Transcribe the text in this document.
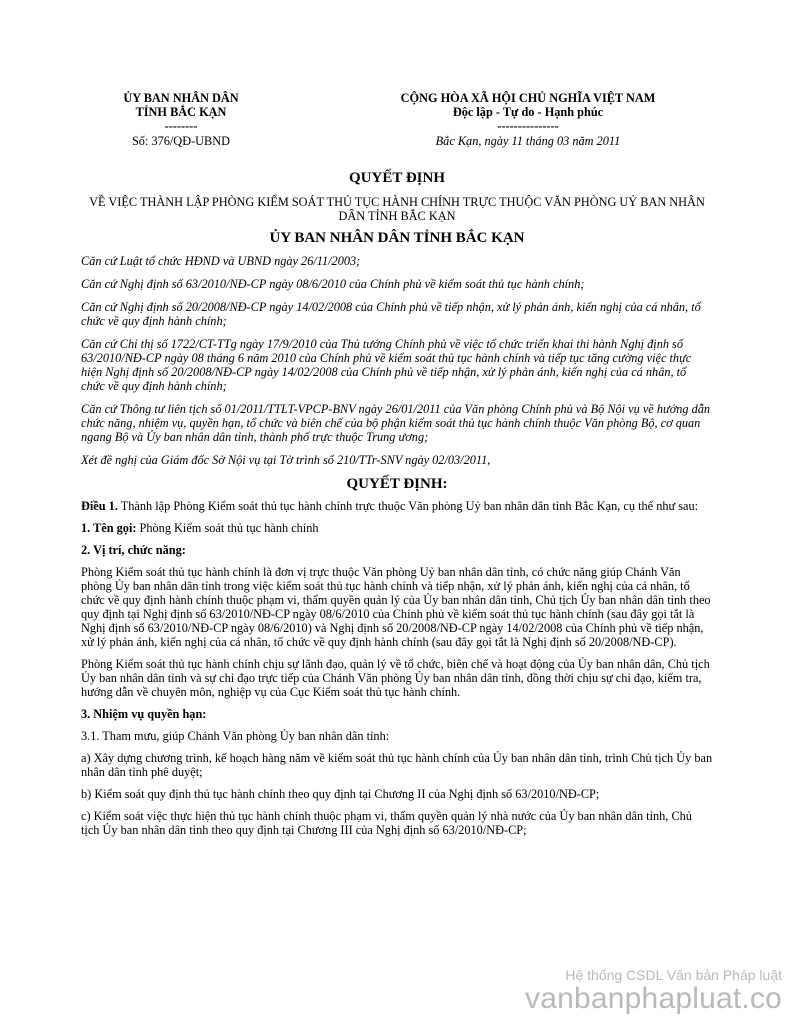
ỦY BAN NHÂN DÂN
TỈNH BẮC KẠN
--------
CỘNG HÒA XÃ HỘI CHỦ NGHĨA VIỆT NAM
Độc lập - Tự do - Hạnh phúc
---------------
Số: 376/QĐ-UBND	Bắc Kạn, ngày 11 tháng 03 năm 2011
QUYẾT ĐỊNH
VỀ VIỆC THÀNH LẬP PHÒNG KIỂM SOÁT THỦ TỤC HÀNH CHÍNH TRỰC THUỘC VĂN PHÒNG UỶ BAN NHÂN DÂN TỈNH BẮC KẠN
ỦY BAN NHÂN DÂN TỈNH BẮC KẠN
Căn cứ Luật tổ chức HĐND và UBND ngày 26/11/2003;
Căn cứ Nghị định số 63/2010/NĐ-CP ngày 08/6/2010 của Chính phủ về kiểm soát thủ tục hành chính;
Căn cứ Nghị định số 20/2008/NĐ-CP ngày 14/02/2008 của Chính phủ về tiếp nhận, xử lý phản ánh, kiến nghị của cá nhân, tổ chức về quy định hành chính;
Căn cứ Chỉ thị số 1722/CT-TTg ngày 17/9/2010 của Thủ tướng Chính phủ về việc tổ chức triển khai thi hành Nghị định số 63/2010/NĐ-CP ngày 08 tháng 6 năm 2010 của Chính phủ về kiểm soát thủ tục hành chính và tiếp tục tăng cường việc thực hiện Nghị định số 20/2008/NĐ-CP ngày 14/02/2008 của Chính phủ về tiếp nhận, xử lý phản ánh, kiến nghị của cá nhân, tổ chức về quy định hành chính;
Căn cứ Thông tư liên tịch số 01/2011/TTLT-VPCP-BNV ngày 26/01/2011 của Văn phòng Chính phủ và Bộ Nội vụ về hướng dẫn chức năng, nhiệm vụ, quyền hạn, tổ chức và biên chế của bộ phận kiểm soát thủ tục hành chính thuộc Văn phòng Bộ, cơ quan ngang Bộ và Ủy ban nhân dân tỉnh, thành phố trực thuộc Trung ương;
Xét đề nghị của Giám đốc Sở Nội vụ tại Tờ trình số 210/TTr-SNV ngày 02/03/2011,
QUYẾT ĐỊNH:
Điều 1. Thành lập Phòng Kiểm soát thủ tục hành chính trực thuộc Văn phòng Uỷ ban nhân dân tỉnh Bắc Kạn, cụ thể như sau:
1. Tên gọi: Phòng Kiểm soát thủ tục hành chính
2. Vị trí, chức năng:
Phòng Kiểm soát thủ tục hành chính là đơn vị trực thuộc Văn phòng Uỷ ban nhân dân tỉnh, có chức năng giúp Chánh Văn phòng Ủy ban nhân dân tỉnh trong việc kiểm soát thủ tục hành chính và tiếp nhận, xử lý phản ánh, kiến nghị của cá nhân, tổ chức về quy định hành chính thuộc phạm vi, thẩm quyền quản lý của Ủy ban nhân dân tỉnh, Chủ tịch Ủy ban nhân dân tỉnh theo quy định tại Nghị định số 63/2010/NĐ-CP ngày 08/6/2010 của Chính phủ về kiểm soát thủ tục hành chính (sau đây gọi tắt là Nghị định số 63/2010/NĐ-CP ngày 08/6/2010) và Nghị định số 20/2008/NĐ-CP ngày 14/02/2008 của Chính phủ về tiếp nhận, xử lý phản ánh, kiến nghị của cá nhân, tổ chức về quy định hành chính (sau đây gọi tắt là Nghị định số 20/2008/NĐ-CP).
Phòng Kiểm soát thủ tục hành chính chịu sự lãnh đạo, quản lý về tổ chức, biên chế và hoạt động của Ủy ban nhân dân, Chủ tịch Ủy ban nhân dân tỉnh và sự chỉ đạo trực tiếp của Chánh Văn phòng Ủy ban nhân dân tỉnh, đồng thời chịu sự chỉ đạo, kiểm tra, hướng dẫn về chuyên môn, nghiệp vụ của Cục Kiểm soát thủ tục hành chính.
3. Nhiệm vụ quyền hạn:
3.1. Tham mưu, giúp Chánh Văn phòng Ủy ban nhân dân tỉnh:
a) Xây dựng chương trình, kế hoạch hàng năm về kiểm soát thủ tục hành chính của Ủy ban nhân dân tỉnh, trình Chủ tịch Ủy ban nhân dân tỉnh phê duyệt;
b) Kiểm soát quy định thủ tục hành chính theo quy định tại Chương II của Nghị định số 63/2010/NĐ-CP;
c) Kiểm soát việc thực hiện thủ tục hành chính thuộc phạm vi, thẩm quyền quản lý nhà nước của Ủy ban nhân dân tỉnh, Chủ tịch Ủy ban nhân dân tỉnh theo quy định tại Chương III của Nghị định số 63/2010/NĐ-CP;
Hệ thống CSDL Văn bản Pháp luật
vanbanphapluat.co
